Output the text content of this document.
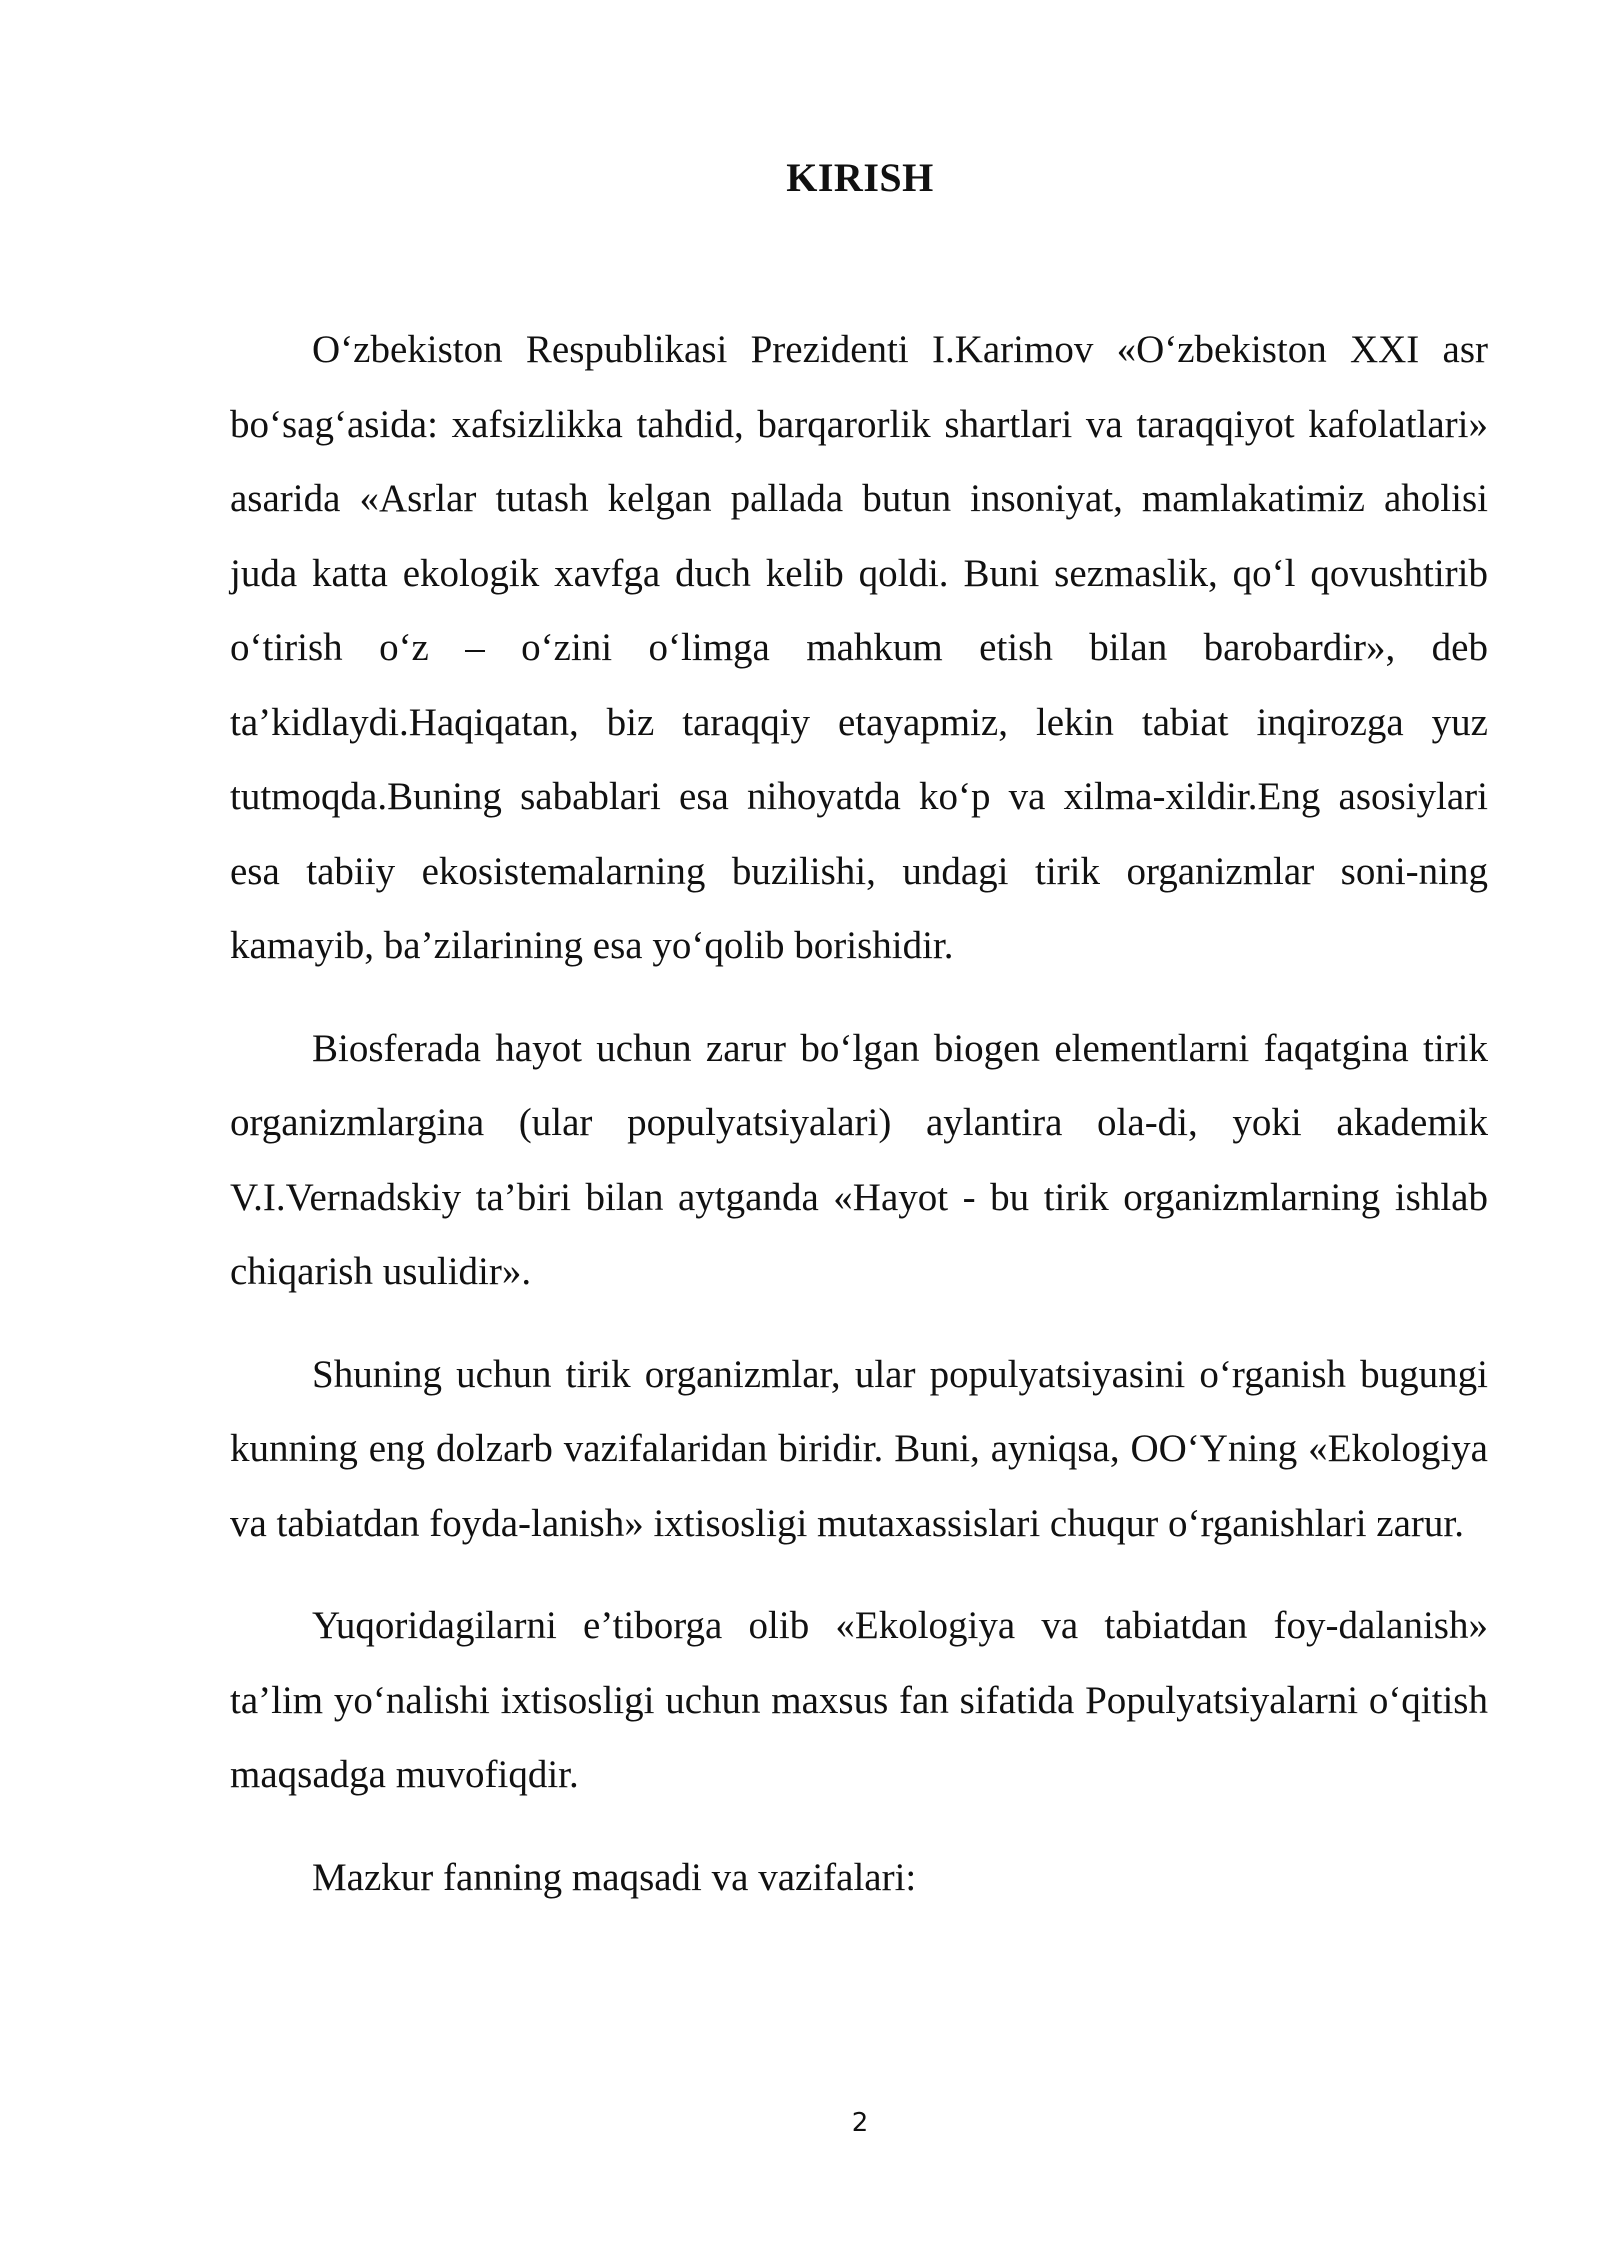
KIRISH

O‘zbekiston Respublikasi Prezidenti I.Karimov «O‘zbekiston XXI asr bo‘sag‘asida: xafsizlikka tahdid, barqarorlik shartlari va taraqqiyot kafolatlari» asarida «Asrlar tutash kelgan pallada butun insoniyat, mamlakatimiz aholisi juda katta ekologik xavfga duch kelib qoldi. Buni sezmaslik, qo‘l qovushtirib o‘tirish o‘z – o‘zini o‘limga mahkum etish bilan barobardir», deb ta’kidlaydi.Haqiqatan, biz taraqqiy etayapmiz, lekin tabiat inqirozga yuz tutmoqda.Buning sabablari esa nihoyatda ko‘p va xilma-xildir.Eng asosiylari esa tabiiy ekosistemalarning buzilishi, undagi tirik organizmlar soni-ning kamayib, ba’zilarining esa yo‘qolib borishidir.

Biosferada hayot uchun zarur bo‘lgan biogen elementlarni faqatgina tirik organizmlargina (ular populyatsiyalari) aylantira ola-di, yoki akademik V.I.Vernadskiy ta’biri bilan aytganda «Hayot - bu tirik organizmlarning ishlab chiqarish usulidir».

Shuning uchun tirik organizmlar, ular populyatsiyasini o‘rganish bugungi kunning eng dolzarb vazifalaridan biridir. Buni, ayniqsa, OO‘Yning «Ekologiya va tabiatdan foyda-lanish» ixtisosligi mutaxassislari chuqur o‘rganishlari zarur.

Yuqoridagilarni e’tiborga olib «Ekologiya va tabiatdan foy-dalanish» ta’lim yo‘nalishi ixtisosligi uchun maxsus fan sifatida Populyatsiyalarni o‘qitish maqsadga muvofiqdir.

Mazkur fanning maqsadi va vazifalari:

2
